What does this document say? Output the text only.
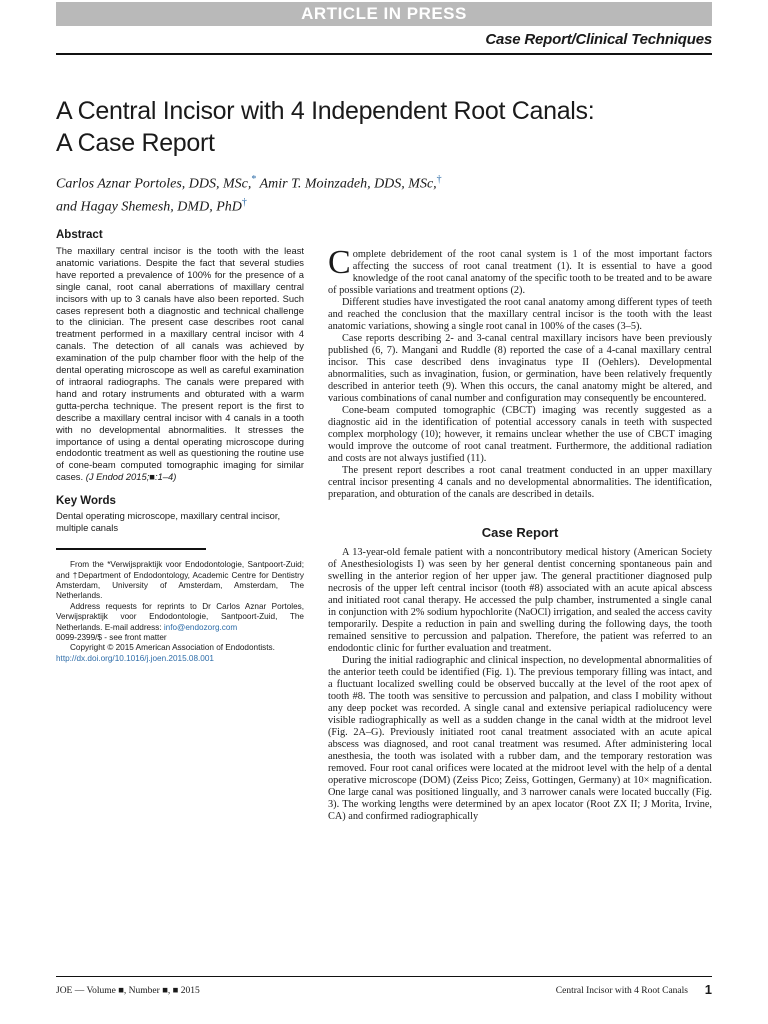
ARTICLE IN PRESS
Case Report/Clinical Techniques
A Central Incisor with 4 Independent Root Canals:
A Case Report
Carlos Aznar Portoles, DDS, MSc,* Amir T. Moinzadeh, DDS, MSc,†
and Hagay Shemesh, DMD, PhD†
Abstract

The maxillary central incisor is the tooth with the least anatomic variations. Despite the fact that several studies have reported a prevalence of 100% for the presence of a single canal, root canal aberrations of maxillary central incisors with up to 3 canals have also been reported. Such cases represent both a diagnostic and technical challenge to the clinician. The present case describes root canal treatment performed in a maxillary central incisor with 4 canals. The detection of all canals was achieved by examination of the pulp chamber floor with the help of the dental operating microscope as well as careful examination of intraoral radiographs. The canals were prepared with hand and rotary instruments and obturated with a warm gutta-percha technique. The present report is the first to describe a maxillary central incisor with 4 canals in a tooth with no developmental abnormalities. It stresses the importance of using a dental operating microscope during endodontic treatment as well as questioning the routine use of cone-beam computed tomographic imaging for similar cases. (J Endod 2015;■:1–4)

Key Words

Dental operating microscope, maxillary central incisor, multiple canals

From the *Verwijspraktijk voor Endodontologie, Santpoort-Zuid; and †Department of Endodontology, Academic Centre for Dentistry Amsterdam, University of Amsterdam, Amsterdam, The Netherlands.

Address requests for reprints to Dr Carlos Aznar Portoles, Verwijspraktijk voor Endodontologie, Santpoort-Zuid, The Netherlands. E-mail address: info@endozorg.com

0099-2399/$ - see front matter

Copyright © 2015 American Association of Endodontists.

http://dx.doi.org/10.1016/j.joen.2015.08.001

Complete debridement of the root canal system is 1 of the most important factors affecting the success of root canal treatment (1). It is essential to have a good knowledge of the root canal anatomy of the specific tooth to be treated and to be aware of possible variations and treatment options (2).

Different studies have investigated the root canal anatomy among different types of teeth and reached the conclusion that the maxillary central incisor is the tooth with the least anatomic variations, showing a single root canal in 100% of the cases (3–5).

Case reports describing 2- and 3-canal central maxillary incisors have been previously published (6, 7). Mangani and Ruddle (8) reported the case of a 4-canal maxillary central incisor. This case described dens invaginatus type II (Oehlers). Developmental abnormalities, such as invagination, fusion, or germination, have been relatively frequently described in anterior teeth (9). When this occurs, the canal anatomy might be altered, and various combinations of canal number and configuration may consequently be encountered.

Cone-beam computed tomographic (CBCT) imaging was recently suggested as a diagnostic aid in the identification of potential accessory canals in teeth with suspected complex morphology (10); however, it remains unclear whether the use of CBCT imaging would improve the outcome of root canal treatment. Furthermore, the additional radiation and costs are not always justified (11).

The present report describes a root canal treatment conducted in an upper maxillary central incisor presenting 4 canals and no developmental abnormalities. The identification, preparation, and obturation of the canals are described in details.

Case Report

A 13-year-old female patient with a noncontributory medical history (American Society of Anesthesiologists I) was seen by her general dentist concerning spontaneous pain and swelling in the anterior region of her upper jaw. The general practitioner diagnosed pulp necrosis of the upper left central incisor (tooth #8) associated with an acute apical abscess and initiated root canal therapy. He accessed the pulp chamber, instrumented a single canal in conjunction with 2% sodium hypochlorite (NaOCl) irrigation, and sealed the access cavity temporarily. Despite a reduction in pain and swelling during the following days, the tooth remained sensitive to percussion and palpation. Therefore, the patient was referred to an endodontic clinic for further evaluation and treatment.

During the initial radiographic and clinical inspection, no developmental abnormalities of the anterior teeth could be identified (Fig. 1). The previous temporary filling was intact, and a fluctuant localized swelling could be observed buccally at the level of the root apex of tooth #8. The tooth was sensitive to percussion and palpation, and class I mobility without any deep pocket was recorded. A single canal and extensive periapical radiolucency were visible radiographically as well as a sudden change in the canal width at the midroot level (Fig. 2A–G). Previously initiated root canal treatment associated with an acute apical abscess was diagnosed, and root canal treatment was resumed. After administering local anesthesia, the tooth was isolated with a rubber dam, and the temporary restoration was removed. Four root canal orifices were located at the midroot level with the help of a dental operative microscope (DOM) (Zeiss Pico; Zeiss, Gottingen, Germany) at 10× magnification. One large canal was positioned lingually, and 3 narrower canals were located buccally (Fig. 3). The working lengths were determined by an apex locator (Root ZX II; J Morita, Irvine, CA) and confirmed radiographically

JOE — Volume ■, Number ■, ■ 2015	Central Incisor with 4 Root Canals 1
